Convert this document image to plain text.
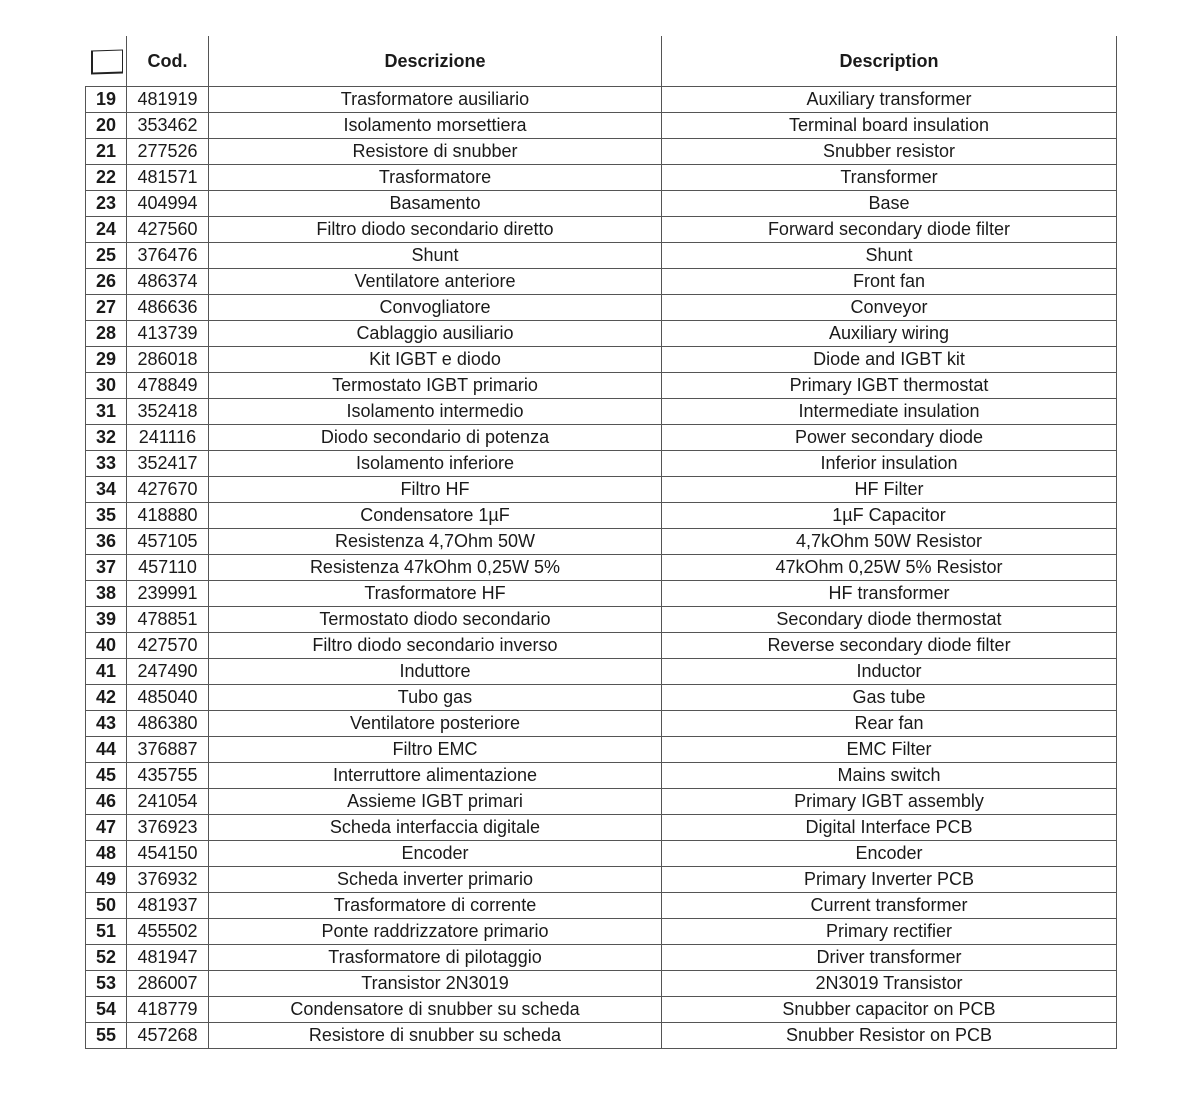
	Cod.	Descrizione	Description
19	481919	Trasformatore ausiliario	Auxiliary transformer
20	353462	Isolamento morsettiera	Terminal board insulation
21	277526	Resistore di snubber	Snubber resistor
22	481571	Trasformatore	Transformer
23	404994	Basamento	Base
24	427560	Filtro diodo secondario diretto	Forward secondary diode filter
25	376476	Shunt	Shunt
26	486374	Ventilatore anteriore	Front fan
27	486636	Convogliatore	Conveyor
28	413739	Cablaggio ausiliario	Auxiliary wiring
29	286018	Kit IGBT e diodo	Diode and IGBT kit
30	478849	Termostato IGBT primario	Primary IGBT thermostat
31	352418	Isolamento intermedio	Intermediate insulation
32	241116	Diodo secondario di potenza	Power secondary diode
33	352417	Isolamento inferiore	Inferior insulation
34	427670	Filtro HF	HF Filter
35	418880	Condensatore 1µF	1µF Capacitor
36	457105	Resistenza 4,7Ohm 50W	4,7kOhm 50W Resistor
37	457110	Resistenza 47kOhm 0,25W 5%	47kOhm 0,25W 5% Resistor
38	239991	Trasformatore HF	HF transformer
39	478851	Termostato diodo secondario	Secondary diode thermostat
40	427570	Filtro diodo secondario inverso	Reverse secondary diode filter
41	247490	Induttore	Inductor
42	485040	Tubo gas	Gas tube
43	486380	Ventilatore posteriore	Rear fan
44	376887	Filtro EMC	EMC Filter
45	435755	Interruttore alimentazione	Mains switch
46	241054	Assieme IGBT primari	Primary IGBT assembly
47	376923	Scheda interfaccia digitale	Digital Interface PCB
48	454150	Encoder	Encoder
49	376932	Scheda inverter primario	Primary Inverter PCB
50	481937	Trasformatore di corrente	Current transformer
51	455502	Ponte raddrizzatore primario	Primary rectifier
52	481947	Trasformatore di pilotaggio	Driver transformer
53	286007	Transistor 2N3019	2N3019 Transistor
54	418779	Condensatore di snubber su scheda	Snubber capacitor on PCB
55	457268	Resistore di snubber su scheda	Snubber Resistor on PCB
